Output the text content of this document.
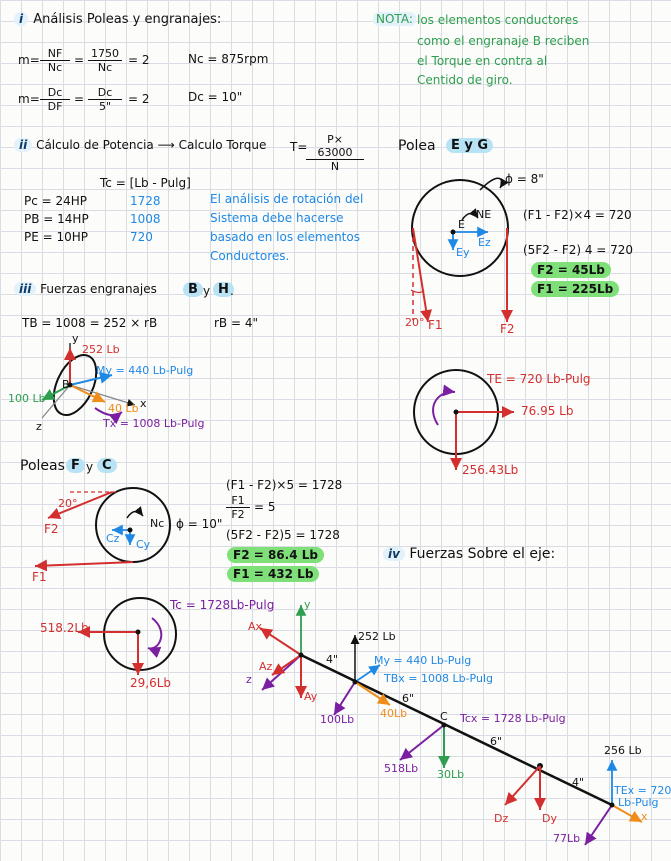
i Análisis Poleas y engranajes:
$m= \frac{NF}{Nc} = \frac{1750}{Nc} = 2$	Nc = 875rpm
$m= \frac{Dc}{DF} = \frac{Dc}{5"} = 2$	Dc = 10"
NOTA: los elementos conductores
como el engranaje B reciben
el Torque en contra al
Centido de giro.
ii Cálculo de Potencia ⟶ Calculo Torque T=
$\frac{P\times 63000}{N}$
Tc = [Lb - Pulg]
Pc = 24HP	1728
PB = 14HP	1008
PE = 10HP	720
El análisis de rotación del
Sistema debe hacerse
basado en los elementos
Conductores.
Polea	E y G
ϕ = 8"
(F1 - F2)×4 = 720
(5F2 - F2) 4 = 720
F2 = 45Lb
F1 = 225Lb
E
NE
Ez
Ey
20° F1	F2
TE = 720 Lb-Pulg
76.95 Lb
256.43Lb
iii Fuerzas engranajes	B y H .
TB = 1008 = 252 × rB	rB = 4"
y
252 Lb
My = 440 Lb-Pulg
B
100 Lb
40 Lb x
z	Tx = 1008 Lb-Pulg
Poleas F y C
20°
F2
F1
Cz Cy
Nc ϕ = 10"
(F1 - F2)×5 = 1728
$\frac{F1}{F2} = 5$
(5F2 - F2)5 = 1728
F2 = 86.4 Lb
F1 = 432 Lb
Tc = 1728Lb-Pulg
518.2Lb
29,6Lb
iv Fuerzas Sobre el eje:
y
Ax
Az
z
Ay
4"
252 Lb
My = 440 Lb-Pulg
TBx = 1008 Lb-Pulg
6"
100Lb 40Lb	C Tcx = 1728 Lb-Pulg
6"
518Lb 30Lb
4"
256 Lb
TEx = 720
Lb-Pulg
Dz	Dy
77Lb
x
